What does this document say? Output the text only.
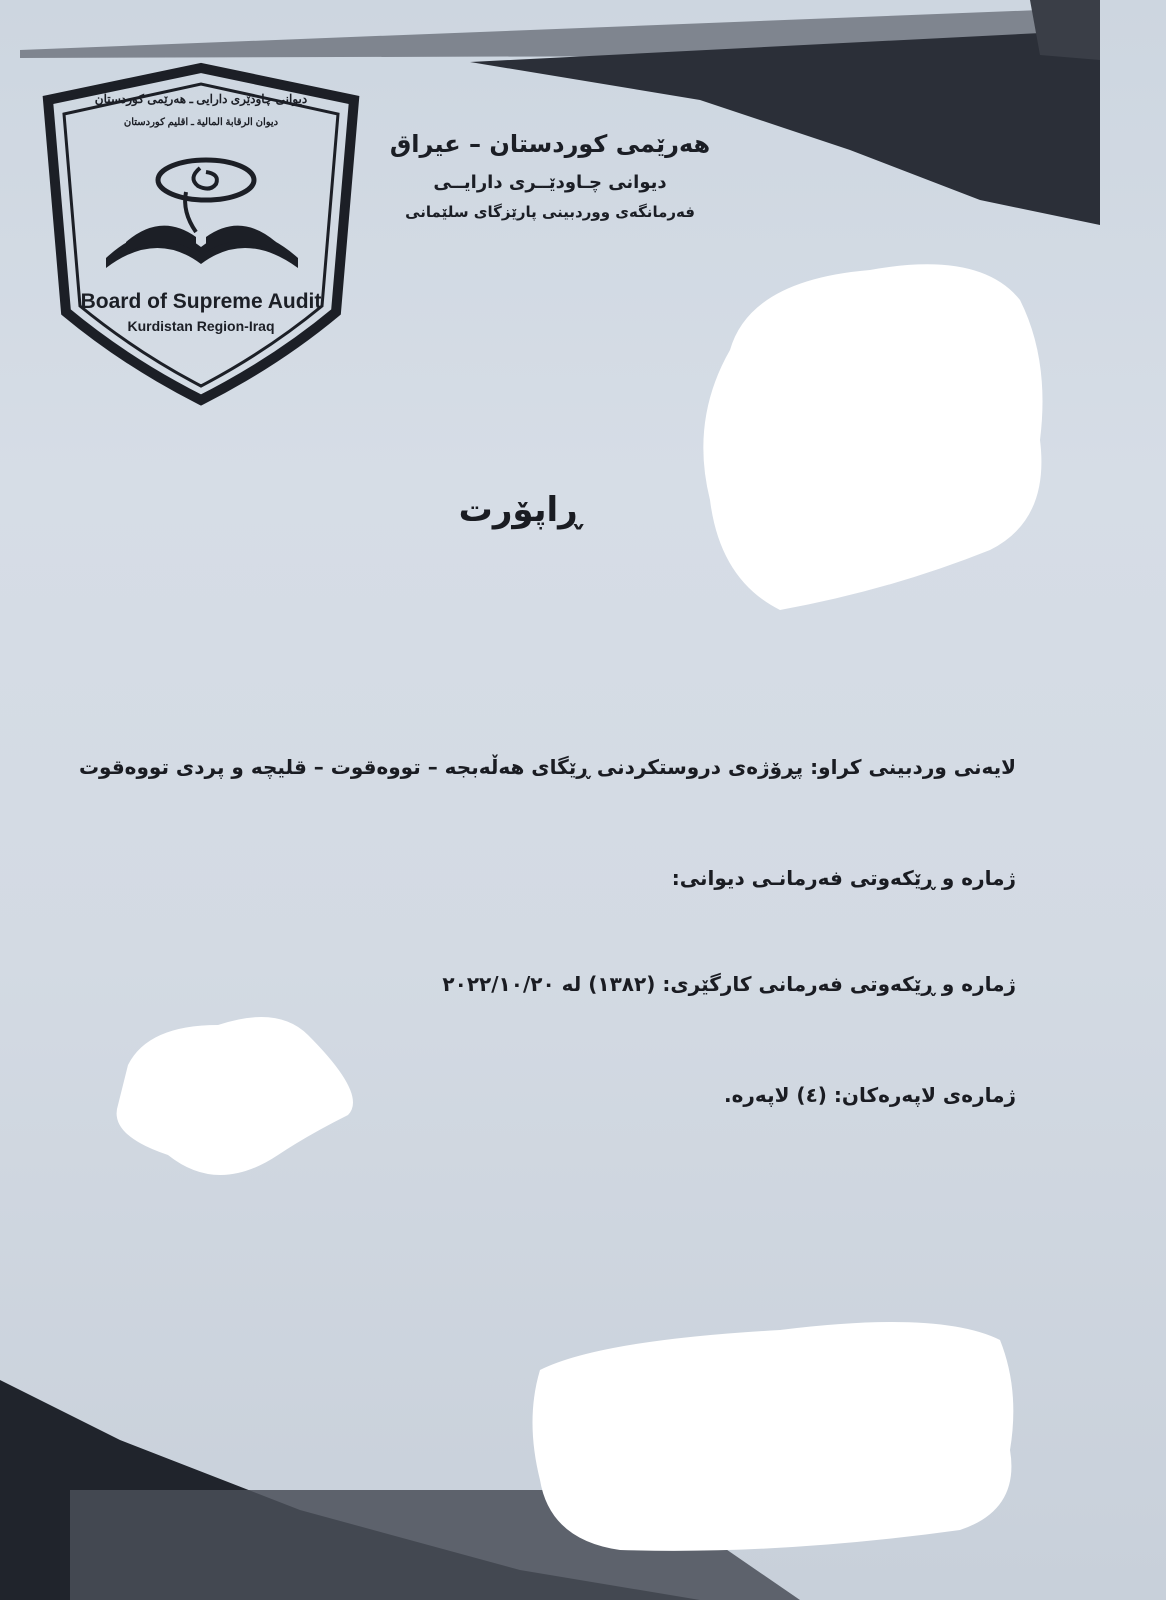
دیوانی چاودێری دارایی ـ هەرێمی کوردستان
ديوان الرقابة المالية ـ اقليم كوردستان
Board of Supreme Audit
Kurdistan Region-Iraq
هەرێمی کوردستان – عیراق
دیوانی چـاودێــری دارایــی
فەرمانگەی ووردبینی پارێزگای سلێمانی
ڕاپۆرت
لایەنی وردبینی کراو: پڕۆژەی دروستکردنی ڕێگای هەڵەبجە – تووەقوت – قلیچە و پردی تووەقوت
ژمارە و ڕێکەوتی فەرمانـی دیوانی:
ژمارە و ڕێکەوتی فەرمانی کارگێری: (١٣٨٢) لە ٢٠٢٢/١٠/٢٠
ژمارەی لاپەرەکان: (٤) لاپەرە.
